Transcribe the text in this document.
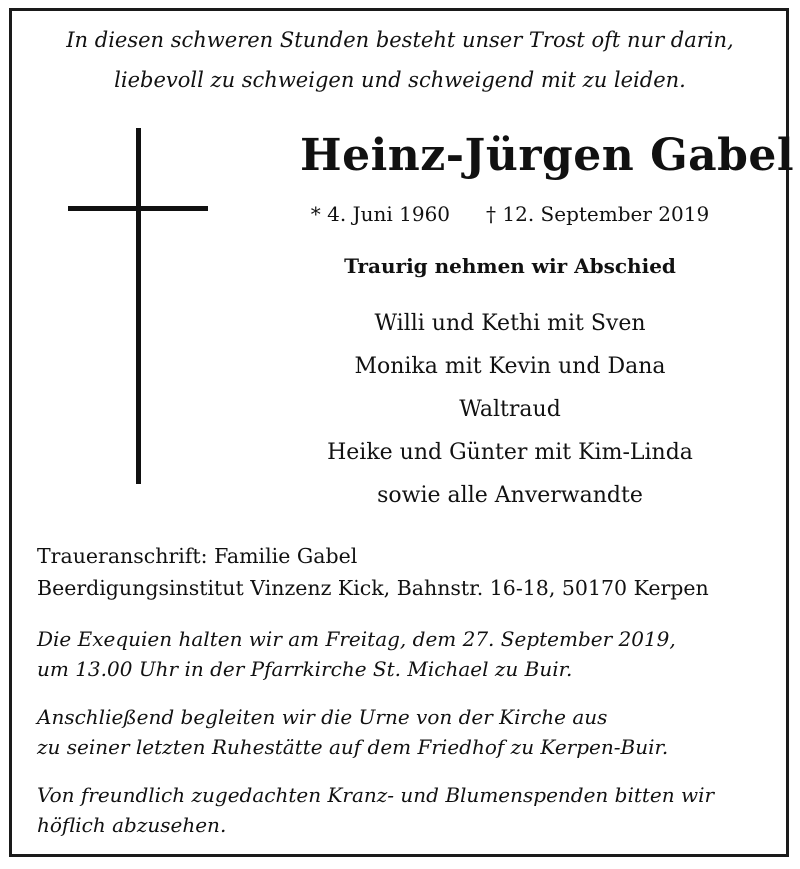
In diesen schweren Stunden besteht unser Trost oft nur darin,
liebevoll zu schweigen und schweigend mit zu leiden.
Heinz-Jürgen Gabel
* 4. Juni 1960 † 12. September 2019
Traurig nehmen wir Abschied
Willi und Kethi mit Sven
Monika mit Kevin und Dana
Waltraud
Heike und Günter mit Kim-Linda
sowie alle Anverwandte
Traueranschrift: Familie Gabel
Beerdigungsinstitut Vinzenz Kick, Bahnstr. 16-18, 50170 Kerpen
Die Exequien halten wir am Freitag, dem 27. September 2019,
um 13.00 Uhr in der Pfarrkirche St. Michael zu Buir.
Anschließend begleiten wir die Urne von der Kirche aus
zu seiner letzten Ruhestätte auf dem Friedhof zu Kerpen-Buir.
Von freundlich zugedachten Kranz- und Blumenspenden bitten wir
höflich abzusehen.
